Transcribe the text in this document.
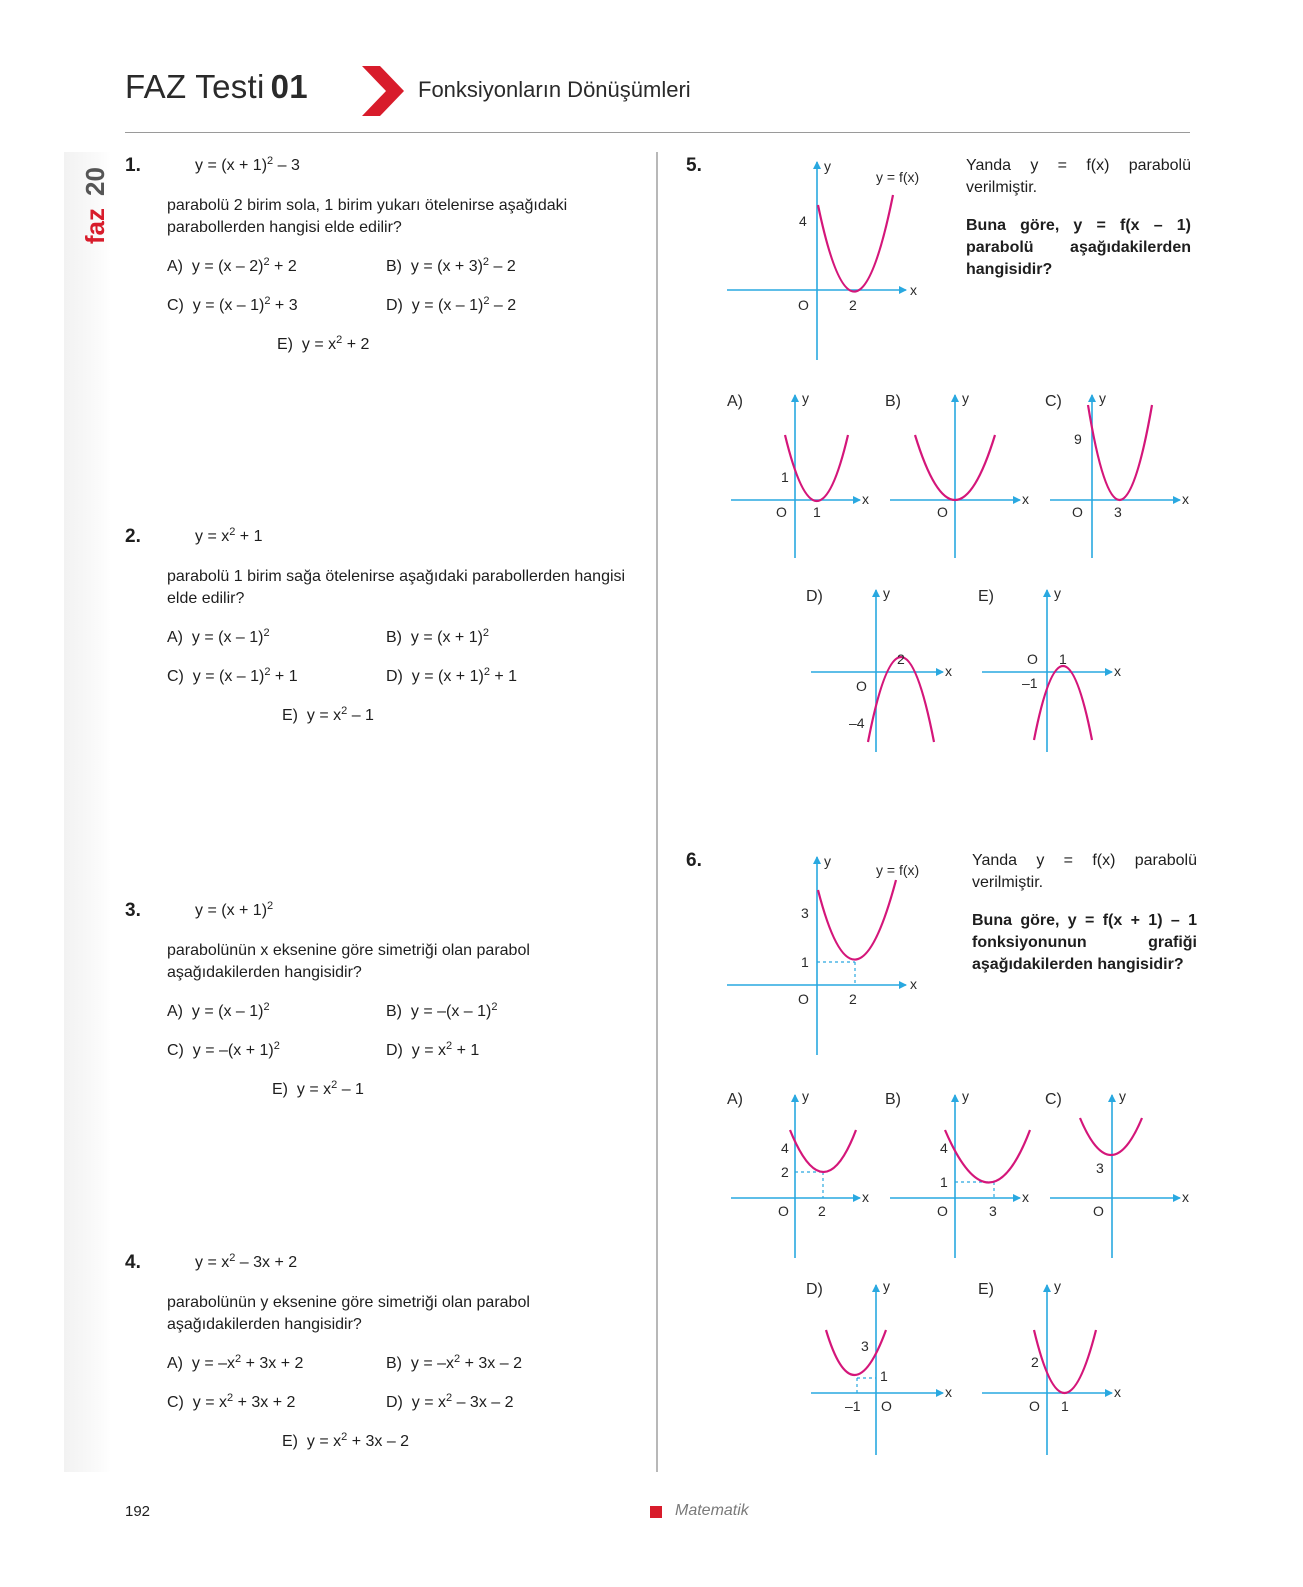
FAZ Testi 01	Fonksiyonların Dönüşümleri
faz
20
1.	$y = (x + 1)^2 - 3$
parabolü 2 birim sola, 1 birim yukarı ötelenirse aşağıdaki parabollerden hangisi elde edilir?
A) y = (x – 2)$^2$ + 2	B) $y = (x + 3)^2 - 2$
C) y = (x – 1)$^2$ + 3	D) y = (x – 1)$^2$ – 2
E) $y = x^2 + 2$
2.	$y = x^2 + 1$
parabolü 1 birim sağa ötelenirse aşağıdaki parabollerden hangisi elde edilir?
A) y = (x – 1)$^2$	B) $y = (x + 1)^2$
C) y = (x – 1)$^2$ + 1	D) $y = (x + 1)^2 + 1$
E) $y = x^2 - 1$
3.	$y = (x + 1)^2$
parabolünün x eksenine göre simetriği olan parabol aşağıdakilerden hangisidir?
A) y = (x – 1)$^2$	B) y = –(x – 1)$^2$
C) $y = -(x + 1)^2$	D) $y = x^2 + 1$
E) $y = x^2 - 1$
4.	$y = x^2 - 3x + 2$
parabolünün y eksenine göre simetriği olan parabol aşağıdakilerden hangisidir?
A) $y = -x^2 + 3x + 2$	B) $y = -x^2 + 3x - 2$
C) $y = x^2 + 3x + 2$	D) $y = x^2 - 3x - 2$
E) $y = x^2 + 3x - 2$
5.	Yanda y = f(x) parabolü verilmiştir.
Buna göre, y = f(x – 1) parabolü aşağıdakilerden hangisidir?
y
y = f(x)
x
O
4
2
A)	y
x
O
1
1
B)	y
x
O
C)	y
x
O
9
3
D)	y
x
O
2
–4
E)	y
x
O 1
–1
y
y = f(x)
x
O
3
1
2
A)	y
x
O
4
2
2
B)	y
x
O
4
1
3
C)	y
x
O
3
D)	y
x
O
3
1
–1
E)	y
x
O
2
1
6.	Yanda y = f(x) parabolü verilmiştir.
Buna göre, y = f(x + 1) – 1 fonksiyonunun grafiği aşağıdakilerden hangisidir?
192	Matematik
